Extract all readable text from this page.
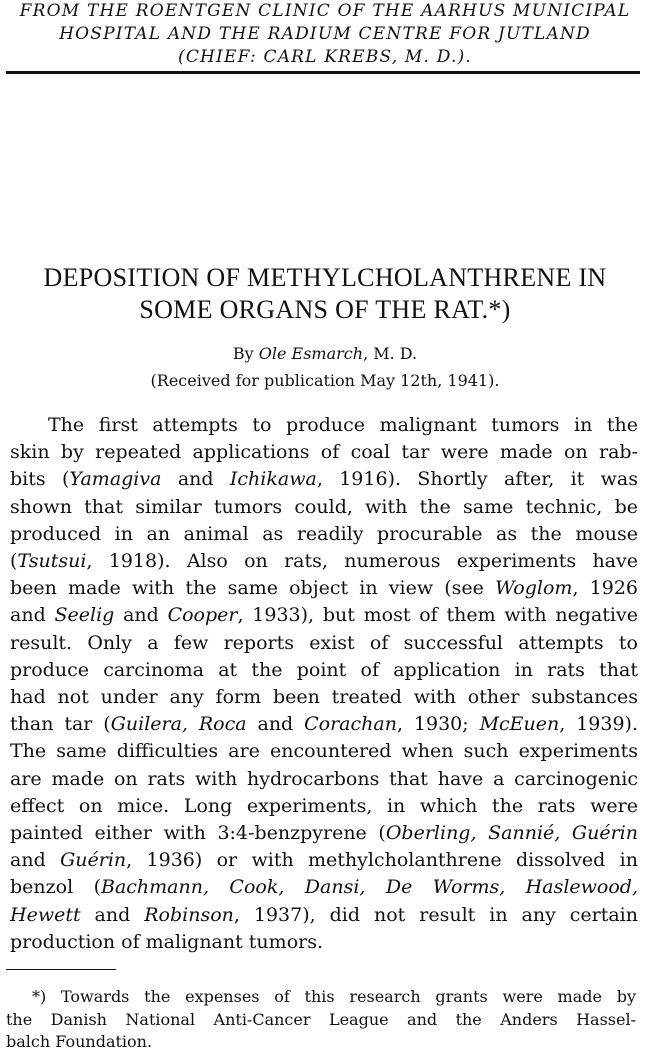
FROM THE ROENTGEN CLINIC OF THE AARHUS MUNICIPAL
HOSPITAL AND THE RADIUM CENTRE FOR JUTLAND
(CHIEF: CARL KREBS, M. D.).
DEPOSITION OF METHYLCHOLANTHRENE IN
SOME ORGANS OF THE RAT.*)
By Ole Esmarch, M. D.
(Received for publication May 12th, 1941).
The first attempts to produce malignant tumors in the
skin by repeated applications of coal tar were made on rab-
bits (Yamagiva and Ichikawa, 1916). Shortly after, it was
shown that similar tumors could, with the same technic, be
produced in an animal as readily procurable as the mouse
(Tsutsui, 1918). Also on rats, numerous experiments have
been made with the same object in view (see Woglom, 1926
and Seelig and Cooper, 1933), but most of them with negative
result. Only a few reports exist of successful attempts to
produce carcinoma at the point of application in rats that
had not under any form been treated with other substances
than tar (Guilera, Roca and Corachan, 1930; McEuen, 1939).
The same difficulties are encountered when such experiments
are made on rats with hydrocarbons that have a carcinogenic
effect on mice. Long experiments, in which the rats were
painted either with 3:4-benzpyrene (Oberling, Sannié, Guérin
and Guérin, 1936) or with methylcholanthrene dissolved in
benzol (Bachmann, Cook, Dansi, De Worms, Haslewood,
Hewett and Robinson, 1937), did not result in any certain
production of malignant tumors.
*) Towards the expenses of this research grants were made by
the Danish National Anti-Cancer League and the Anders Hassel-
balch Foundation.
